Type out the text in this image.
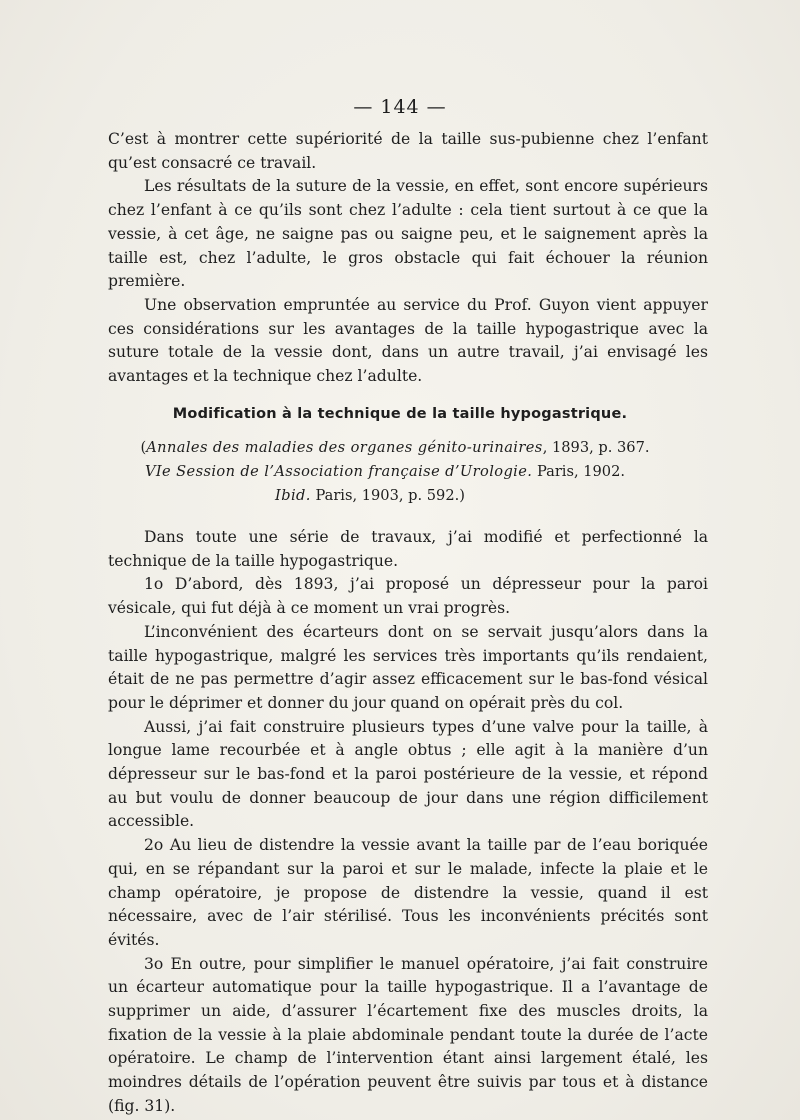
— 144 —

C’est à montrer cette supériorité de la taille sus-pubienne chez l’enfant qu’est consacré ce travail.

Les résultats de la suture de la vessie, en effet, sont encore supérieurs chez l’enfant à ce qu’ils sont chez l’adulte : cela tient surtout à ce que la vessie, à cet âge, ne saigne pas ou saigne peu, et le saignement après la taille est, chez l’adulte, le gros obstacle qui fait échouer la réunion première.

Une observation empruntée au service du Prof. Guyon vient appuyer ces considérations sur les avantages de la taille hypogastrique avec la suture totale de la vessie dont, dans un autre travail, j’ai envisagé les avantages et la technique chez l’adulte.

Modification à la technique de la taille hypogastrique.
(Annales des maladies des organes génito-urinaires, 1893, p. 367.
VIe Session de l’Association française d’Urologie. Paris, 1902.
Ibid. Paris, 1903, p. 592.)

Dans toute une série de travaux, j’ai modifié et perfectionné la technique de la taille hypogastrique.

1o D’abord, dès 1893, j’ai proposé un dépresseur pour la paroi vésicale, qui fut déjà à ce moment un vrai progrès.

L’inconvénient des écarteurs dont on se servait jusqu’alors dans la taille hypogastrique, malgré les services très importants qu’ils rendaient, était de ne pas permettre d’agir assez efficacement sur le bas-fond vésical pour le déprimer et donner du jour quand on opérait près du col.

Aussi, j’ai fait construire plusieurs types d’une valve pour la taille, à longue lame recourbée et à angle obtus ; elle agit à la manière d’un dépresseur sur le bas-fond et la paroi postérieure de la vessie, et répond au but voulu de donner beaucoup de jour dans une région difficilement accessible.

2o Au lieu de distendre la vessie avant la taille par de l’eau boriquée qui, en se répandant sur la paroi et sur le malade, infecte la plaie et le champ opératoire, je propose de distendre la vessie, quand il est nécessaire, avec de l’air stérilisé. Tous les inconvénients précités sont évités.

3o En outre, pour simplifier le manuel opératoire, j’ai fait construire un écarteur automatique pour la taille hypogastrique. Il a l’avantage de supprimer un aide, d’assurer l’écartement fixe des muscles droits, la fixation de la vessie à la plaie abdominale pendant toute la durée de l’acte opératoire. Le champ de l’intervention étant ainsi largement étalé, les moindres détails de l’opération peuvent être suivis par tous et à distance (fig. 31).
